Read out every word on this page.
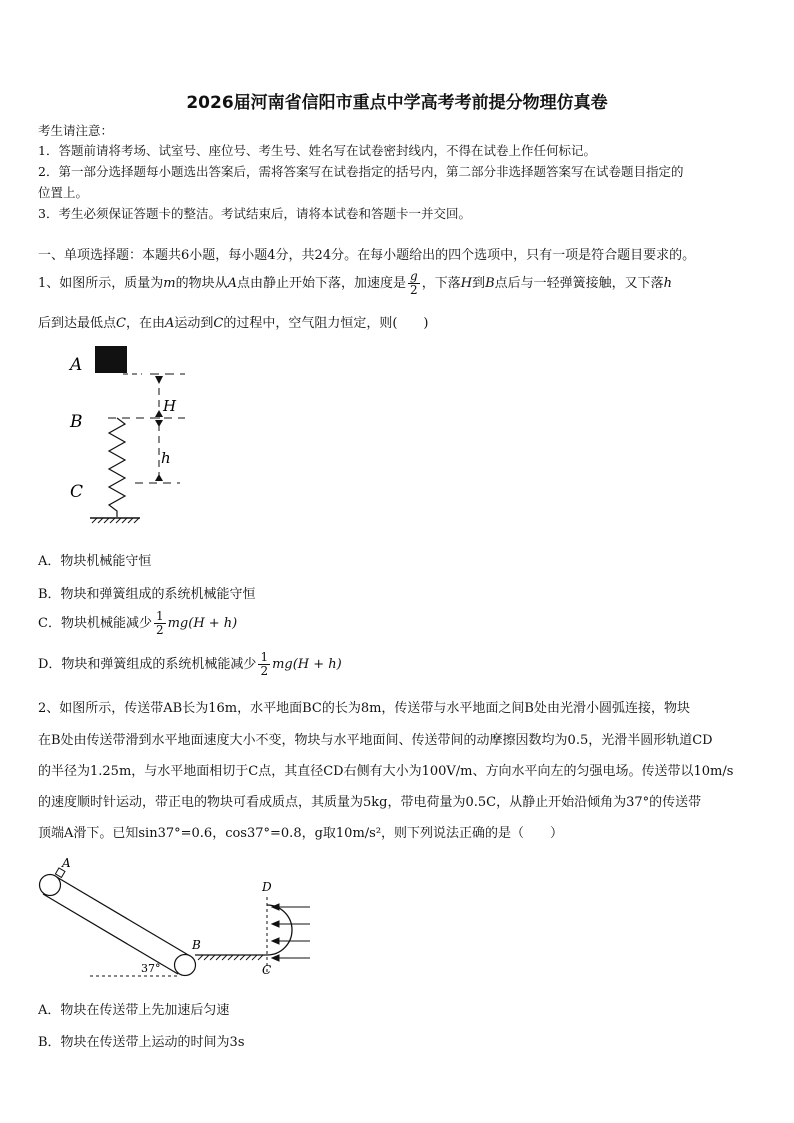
2026届河南省信阳市重点中学高考考前提分物理仿真卷
考生请注意：
1．答题前请将考场、试室号、座位号、考生号、姓名写在试卷密封线内，不得在试卷上作任何标记。
2．第一部分选择题每小题选出答案后，需将答案写在试卷指定的括号内，第二部分非选择题答案写在试卷题目指定的
位置上。
3．考生必须保证答题卡的整洁。考试结束后，请将本试卷和答题卡一并交回。
一、单项选择题：本题共6小题，每小题4分，共24分。在每小题给出的四个选项中，只有一项是符合题目要求的。
1、如图所示，质量为m的物块从A点由静止开始下落，加速度是 $\frac{g}{2}$ ，下落H到B点后与一轻弹簧接触，又下落h
后到达最低点C，在由A运动到C的过程中，空气阻力恒定，则(　　)
A
B
C
H
h
A．物块机械能守恒
B．物块和弹簧组成的系统机械能守恒
C．物块机械能减少 $\frac{1}{2} mg(H + h)$
D．物块和弹簧组成的系统机械能减少 $\frac{1}{2} mg(H + h)$
2、如图所示，传送带AB长为16m，水平地面BC的长为8m，传送带与水平地面之间B处由光滑小圆弧连接，物块
在B处由传送带滑到水平地面速度大小不变，物块与水平地面间、传送带间的动摩擦因数均为0.5，光滑半圆形轨道CD
的半径为1.25m，与水平地面相切于C点，其直径CD右侧有大小为100V/m、方向水平向左的匀强电场。传送带以10m/s
的速度顺时针运动，带正电的物块可看成质点，其质量为5kg，带电荷量为0.5C，从静止开始沿倾角为37°的传送带
顶端A滑下。已知sin37°=0.6，cos37°=0.8，g取10m/s²，则下列说法正确的是（　　）
A
B
37°
D
C
A．物块在传送带上先加速后匀速
B．物块在传送带上运动的时间为3s
